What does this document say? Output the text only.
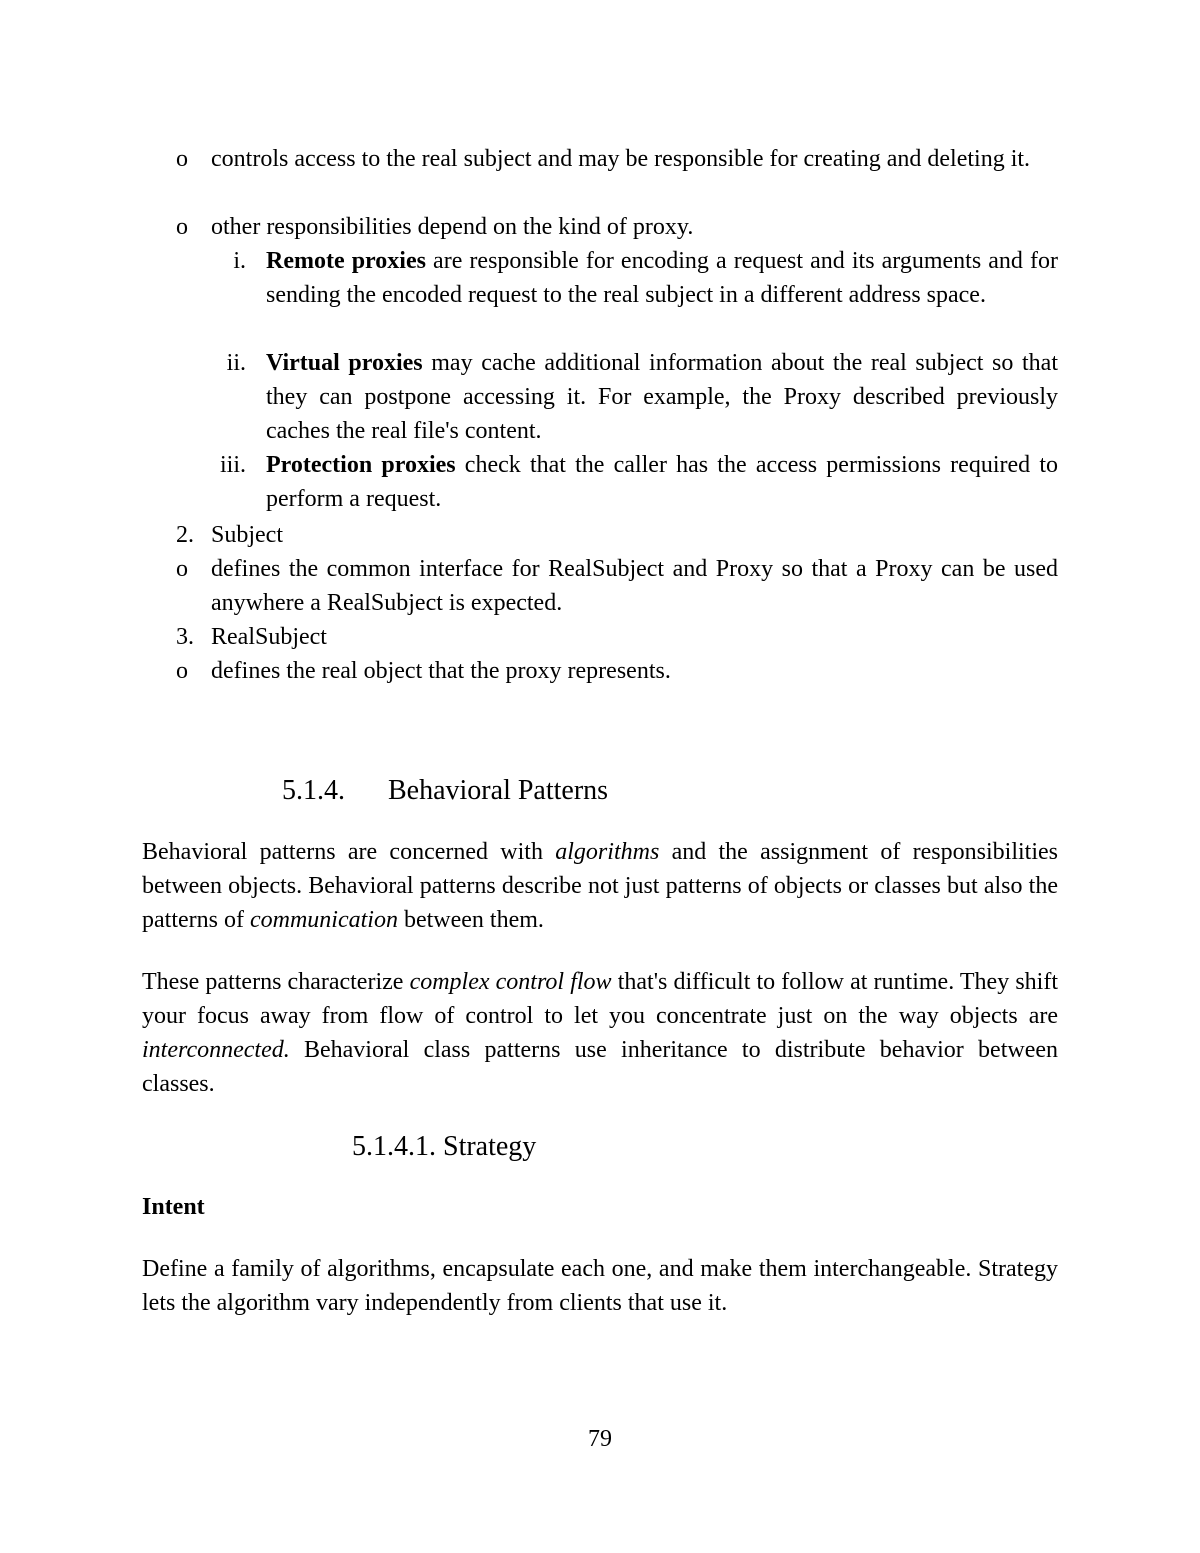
o controls access to the real subject and may be responsible for creating and deleting it.
o other responsibilities depend on the kind of proxy.
i. Remote proxies are responsible for encoding a request and its arguments and for sending the encoded request to the real subject in a different address space.
ii. Virtual proxies may cache additional information about the real subject so that they can postpone accessing it. For example, the Proxy described previously caches the real file's content.
iii. Protection proxies check that the caller has the access permissions required to perform a request.
2. Subject
o defines the common interface for RealSubject and Proxy so that a Proxy can be used anywhere a RealSubject is expected.
3. RealSubject
o defines the real object that the proxy represents.
5.1.4. Behavioral Patterns
Behavioral patterns are concerned with algorithms and the assignment of responsibilities between objects. Behavioral patterns describe not just patterns of objects or classes but also the patterns of communication between them.
These patterns characterize complex control flow that's difficult to follow at runtime. They shift your focus away from flow of control to let you concentrate just on the way objects are interconnected. Behavioral class patterns use inheritance to distribute behavior between classes.
5.1.4.1. Strategy
Intent
Define a family of algorithms, encapsulate each one, and make them interchangeable. Strategy lets the algorithm vary independently from clients that use it.
79
